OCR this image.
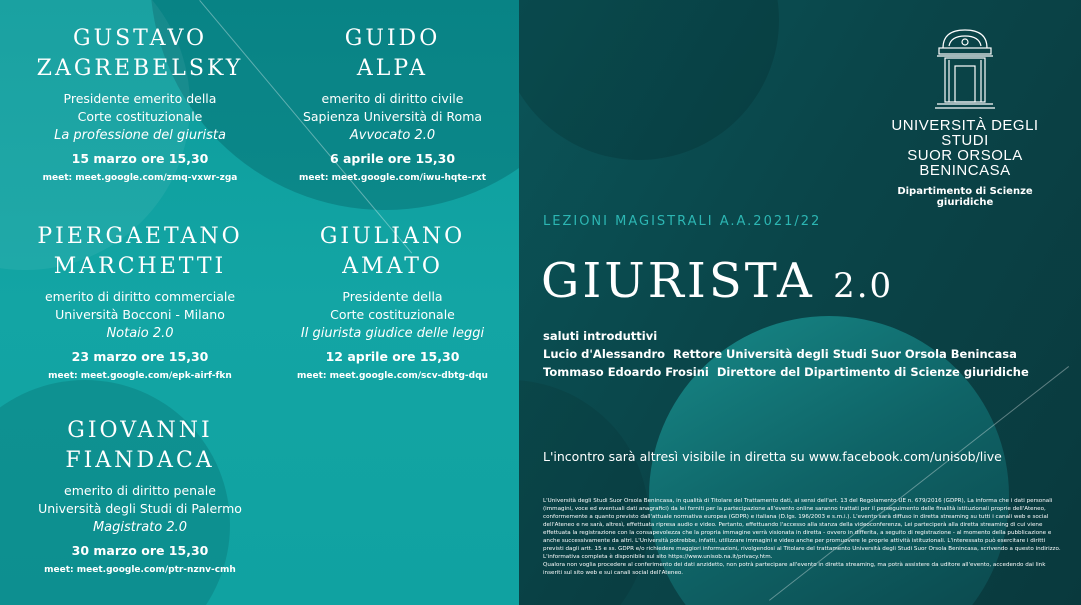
GUSTAVO
ZAGREBELSKY
Presidente emerito della
Corte costituzionale
La professione del giurista
15 marzo ore 15,30
meet: meet.google.com/zmq-vxwr-zga
GUIDO
ALPA
emerito di diritto civile
Sapienza Università di Roma
Avvocato 2.0
6 aprile ore 15,30
meet: meet.google.com/iwu-hqte-rxt
PIERGAETANO
MARCHETTI
emerito di diritto commerciale
Università Bocconi - Milano
Notaio 2.0
23 marzo ore 15,30
meet: meet.google.com/epk-airf-fkn
GIULIANO
AMATO
Presidente della
Corte costituzionale
Il giurista giudice delle leggi
12 aprile ore 15,30
meet: meet.google.com/scv-dbtg-dqu
GIOVANNI
FIANDACA
emerito di diritto penale
Università degli Studi di Palermo
Magistrato 2.0
30 marzo ore 15,30
meet: meet.google.com/ptr-nznv-cmh
UNIVERSITÀ DEGLI STUDI
SUOR ORSOLA
BENINCASA
Dipartimento di Scienze giuridiche
LEZIONI MAGISTRALI A.A.2021/22
GIURISTA 2.0
saluti introduttivi
Lucio d'Alessandro Rettore Università degli Studi Suor Orsola Benincasa
Tommaso Edoardo Frosini Direttore del Dipartimento di Scienze giuridiche
L'incontro sarà altresì visibile in diretta su www.facebook.com/unisob/live
L'Università degli Studi Suor Orsola Benincasa, in qualità di Titolare del Trattamento dati, ai sensi dell'art. 13 del Regolamento UE n. 679/2016 (GDPR), La informa che i dati personali (immagini, voce ed eventuali dati anagrafici) da lei forniti per la partecipazione all'evento online saranno trattati per il perseguimento delle finalità istituzionali proprie dell'Ateneo, conformemente a quanto previsto dall'attuale normativa europea (GDPR) e italiana (D.lgs. 196/2003 e s.m.i.). L'evento sarà diffuso in diretta streaming su tutti i canali web e social dell'Ateneo e ne sarà, altresì, effettuata ripresa audio e video. Pertanto, effettuando l'accesso alla stanza della videoconferenza, Lei parteciperà alla diretta streaming di cui viene effettuata la registrazione con la consapevolezza che la propria immagine verrà visionata in diretta - ovvero in differita, a seguito di registrazione - al momento della pubblicazione e anche successivamente da altri. L'Università potrebbe, infatti, utilizzare immagini e video anche per promuovere le proprie attività istituzionali. L'interessato può esercitare i diritti previsti dagli artt. 15 e ss. GDPR e/o richiedere maggiori informazioni, rivolgendosi al Titolare del trattamento Università degli Studi Suor Orsola Benincasa, scrivendo a questo indirizzo. L'informativa completa è disponibile sul sito https://www.unisob.na.it/privacy.htm.
Qualora non voglia procedere al conferimento dei dati anzidetto, non potrà partecipare all'evento in diretta streaming, ma potrà assistere da uditore all'evento, accedendo dai link inseriti sul sito web e sui canali social dell'Ateneo.
